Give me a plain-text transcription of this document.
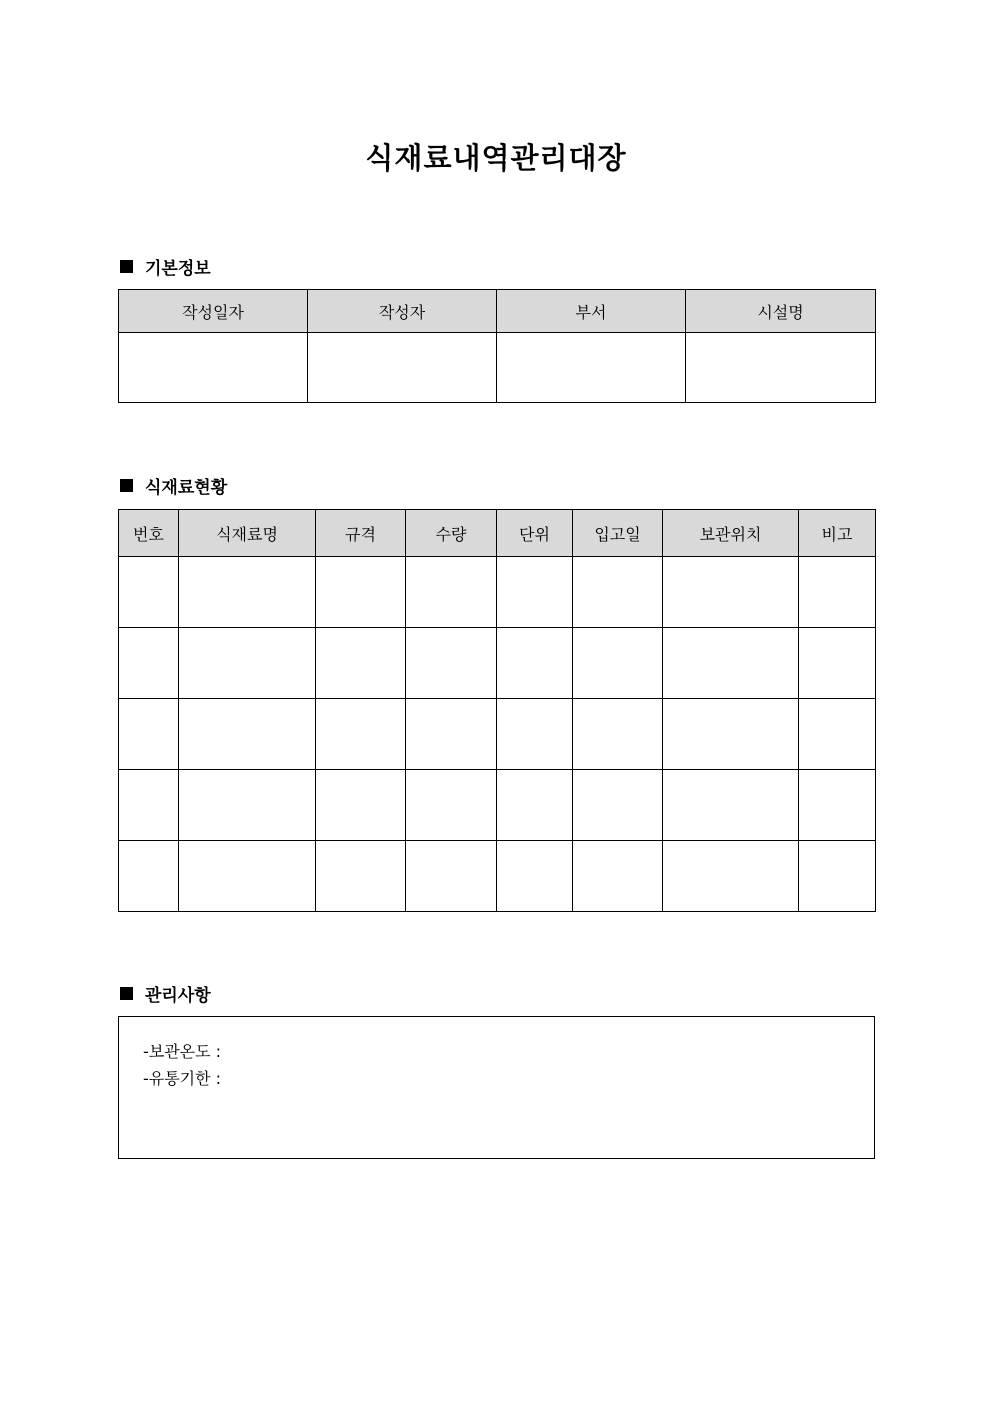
식재료내역관리대장
기본정보
작성일자	작성자	부서	시설명

식재료현황
번호	식재료명	규격	수량	단위	입고일	보관위치	비고

관리사항
-보관온도 :
-유통기한 :
